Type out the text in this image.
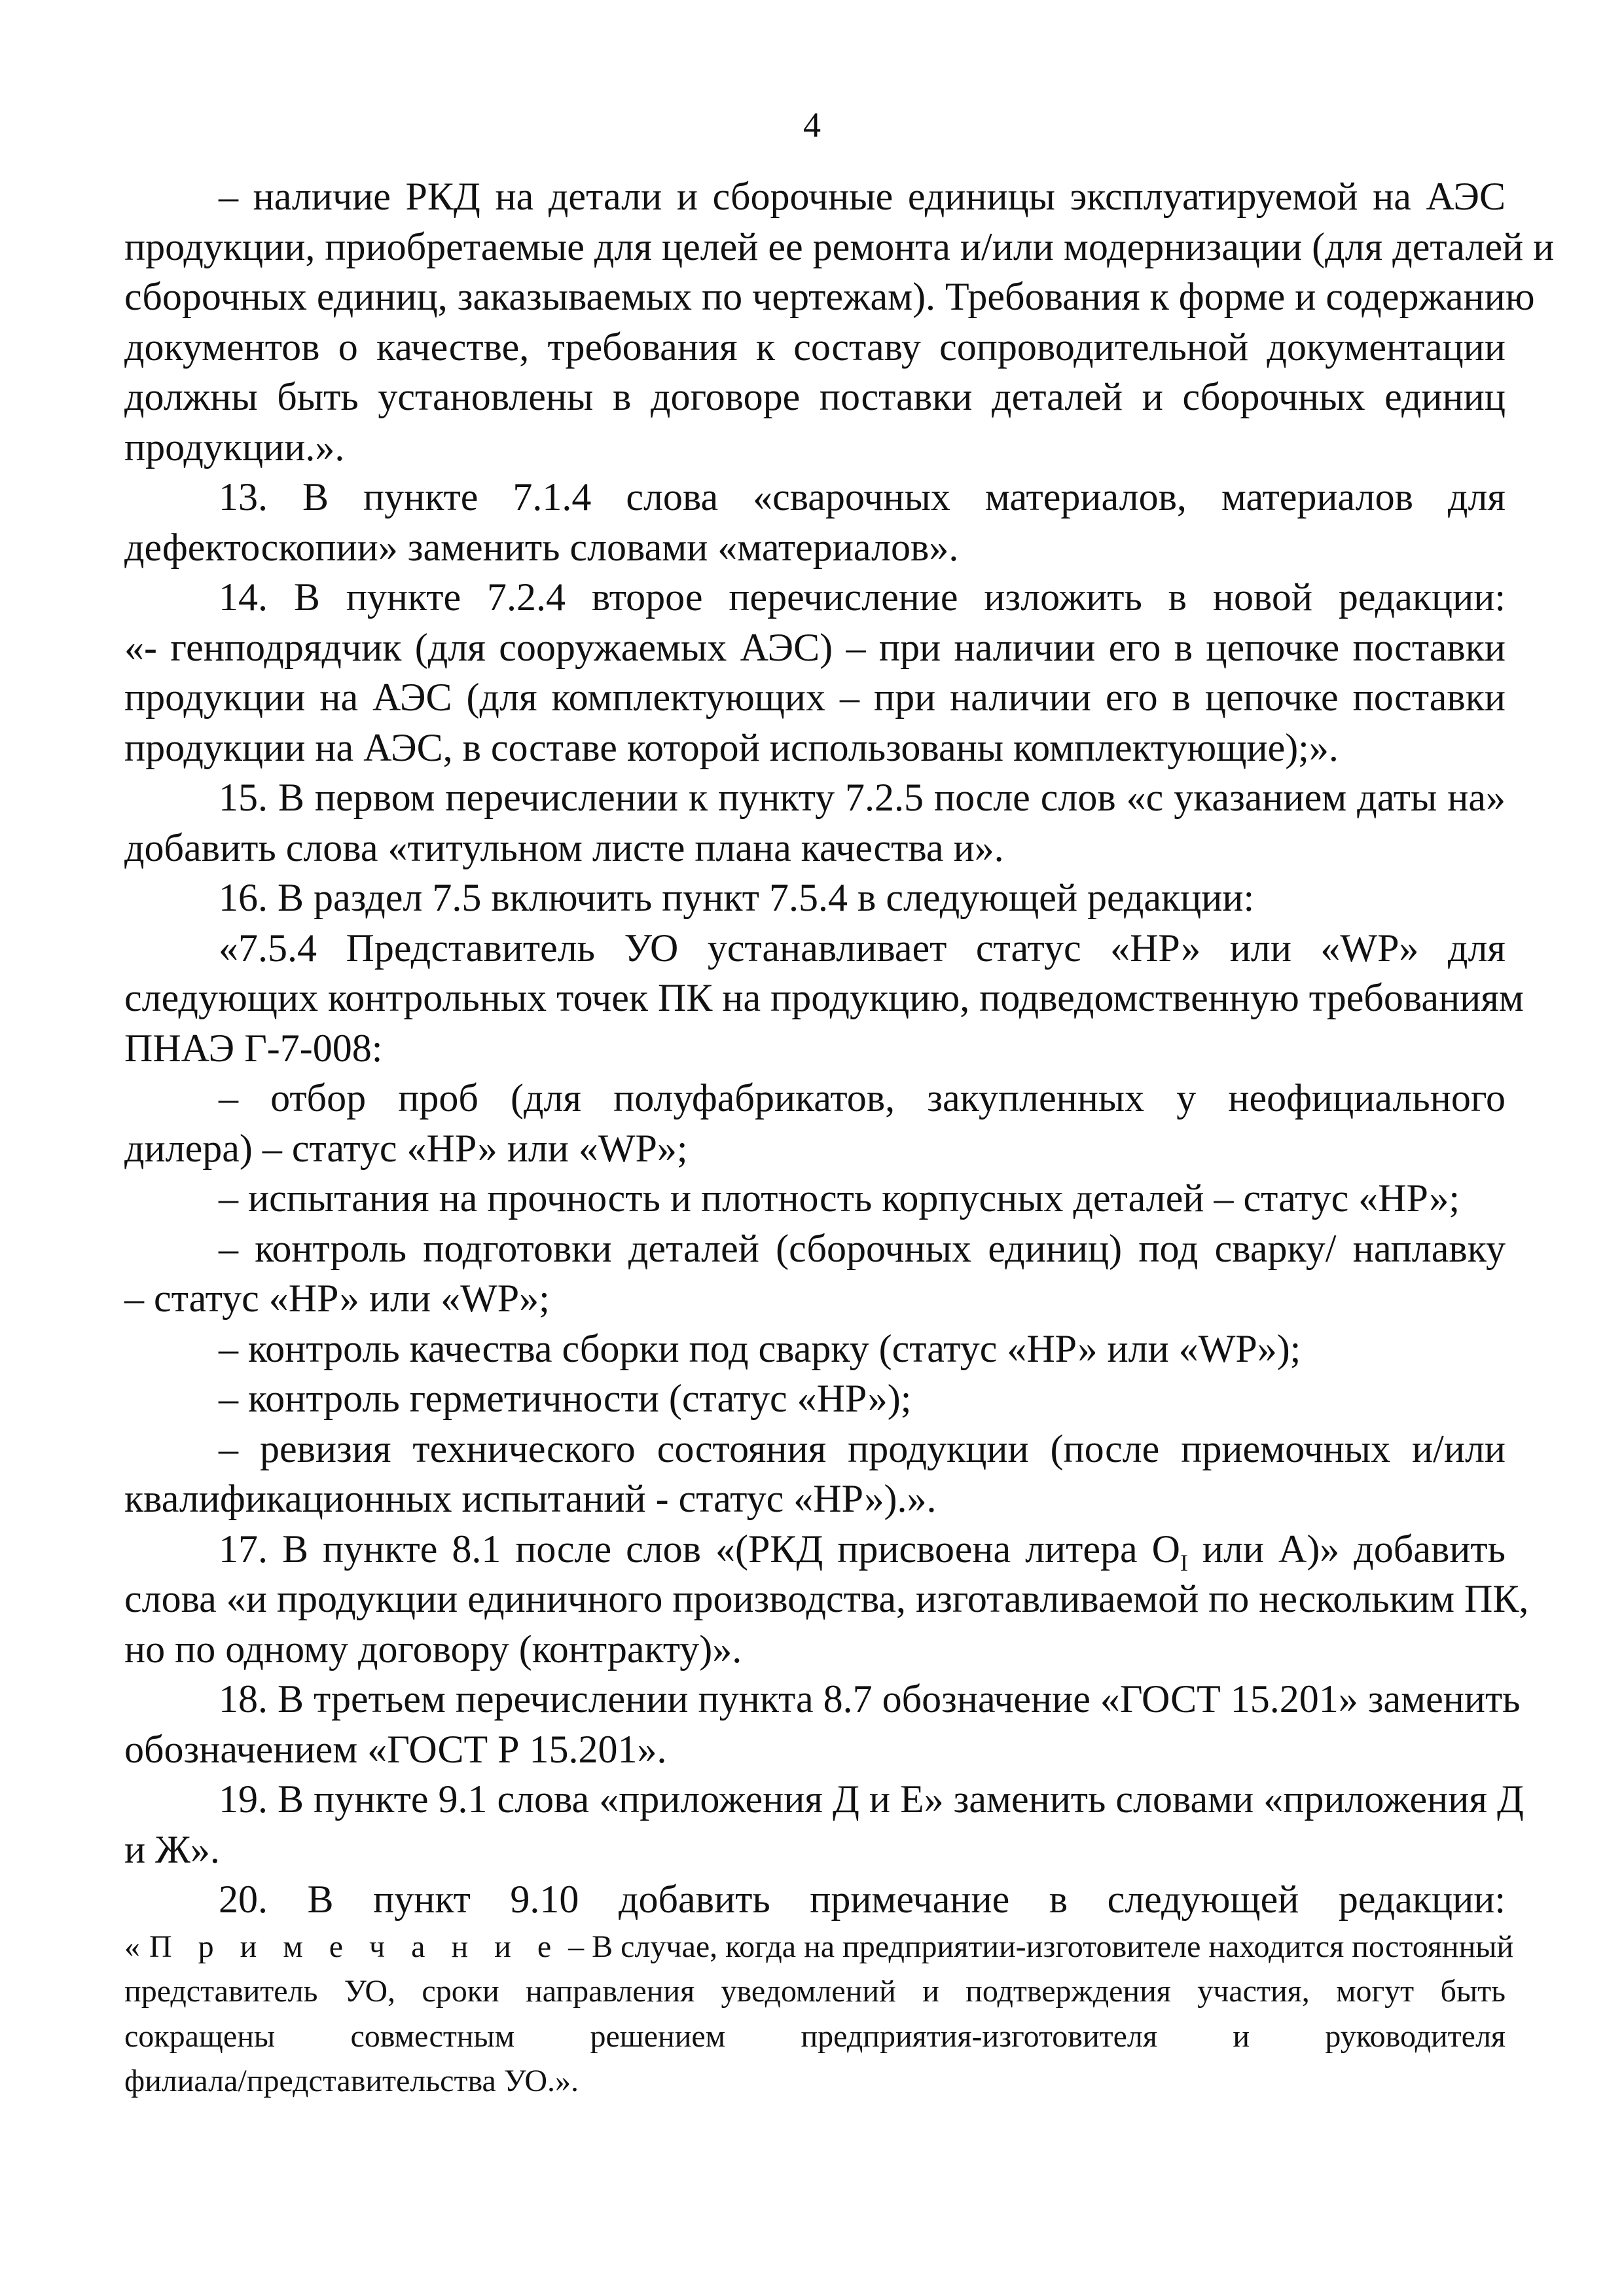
4
– наличие РКД на детали и сборочные единицы эксплуатируемой на АЭС
продукции, приобретаемые для целей ее ремонта и/или модернизации (для деталей и
сборочных единиц, заказываемых по чертежам). Требования к форме и содержанию
документов о качестве, требования к составу сопроводительной документации
должны быть установлены в договоре поставки деталей и сборочных единиц
продукции.».
13. В пункте 7.1.4 слова «сварочных материалов, материалов для
дефектоскопии» заменить словами «материалов».
14. В пункте 7.2.4 второе перечисление изложить в новой редакции:
«- генподрядчик (для сооружаемых АЭС) – при наличии его в цепочке поставки
продукции на АЭС (для комплектующих – при наличии его в цепочке поставки
продукции на АЭС, в составе которой использованы комплектующие);».
15. В первом перечислении к пункту 7.2.5 после слов «с указанием даты на»
добавить слова «титульном листе плана качества и».
16. В раздел 7.5 включить пункт 7.5.4 в следующей редакции:
«7.5.4 Представитель УО устанавливает статус «НР» или «WP» для
следующих контрольных точек ПК на продукцию, подведомственную требованиям
ПНАЭ Г-7-008:
– отбор проб (для полуфабрикатов, закупленных у неофициального
дилера) – статус «НР» или «WP»;
– испытания на прочность и плотность корпусных деталей – статус «НР»;
– контроль подготовки деталей (сборочных единиц) под сварку/ наплавку
– статус «НР» или «WP»;
– контроль качества сборки под сварку (статус «НР» или «WP»);
– контроль герметичности (статус «НР»);
– ревизия технического состояния продукции (после приемочных и/или
квалификационных испытаний - статус «НР»).».
17. В пункте 8.1 после слов «(РКД присвоена литера $О_I$ или А)» добавить
слова «и продукции единичного производства, изготавливаемой по нескольким ПК,
но по одному договору (контракту)».
18. В третьем перечислении пункта 8.7 обозначение «ГОСТ 15.201» заменить
обозначением «ГОСТ Р 15.201».
19. В пункте 9.1 слова «приложения Д и Е» заменить словами «приложения Д
и Ж».
20. В пункт 9.10 добавить примечание в следующей редакции:
«П р и м е ч а н и е – В случае, когда на предприятии-изготовителе находится постоянный
представитель УО, сроки направления уведомлений и подтверждения участия, могут быть
сокращены совместным решением предприятия-изготовителя и руководителя
филиала/представительства УО.».
